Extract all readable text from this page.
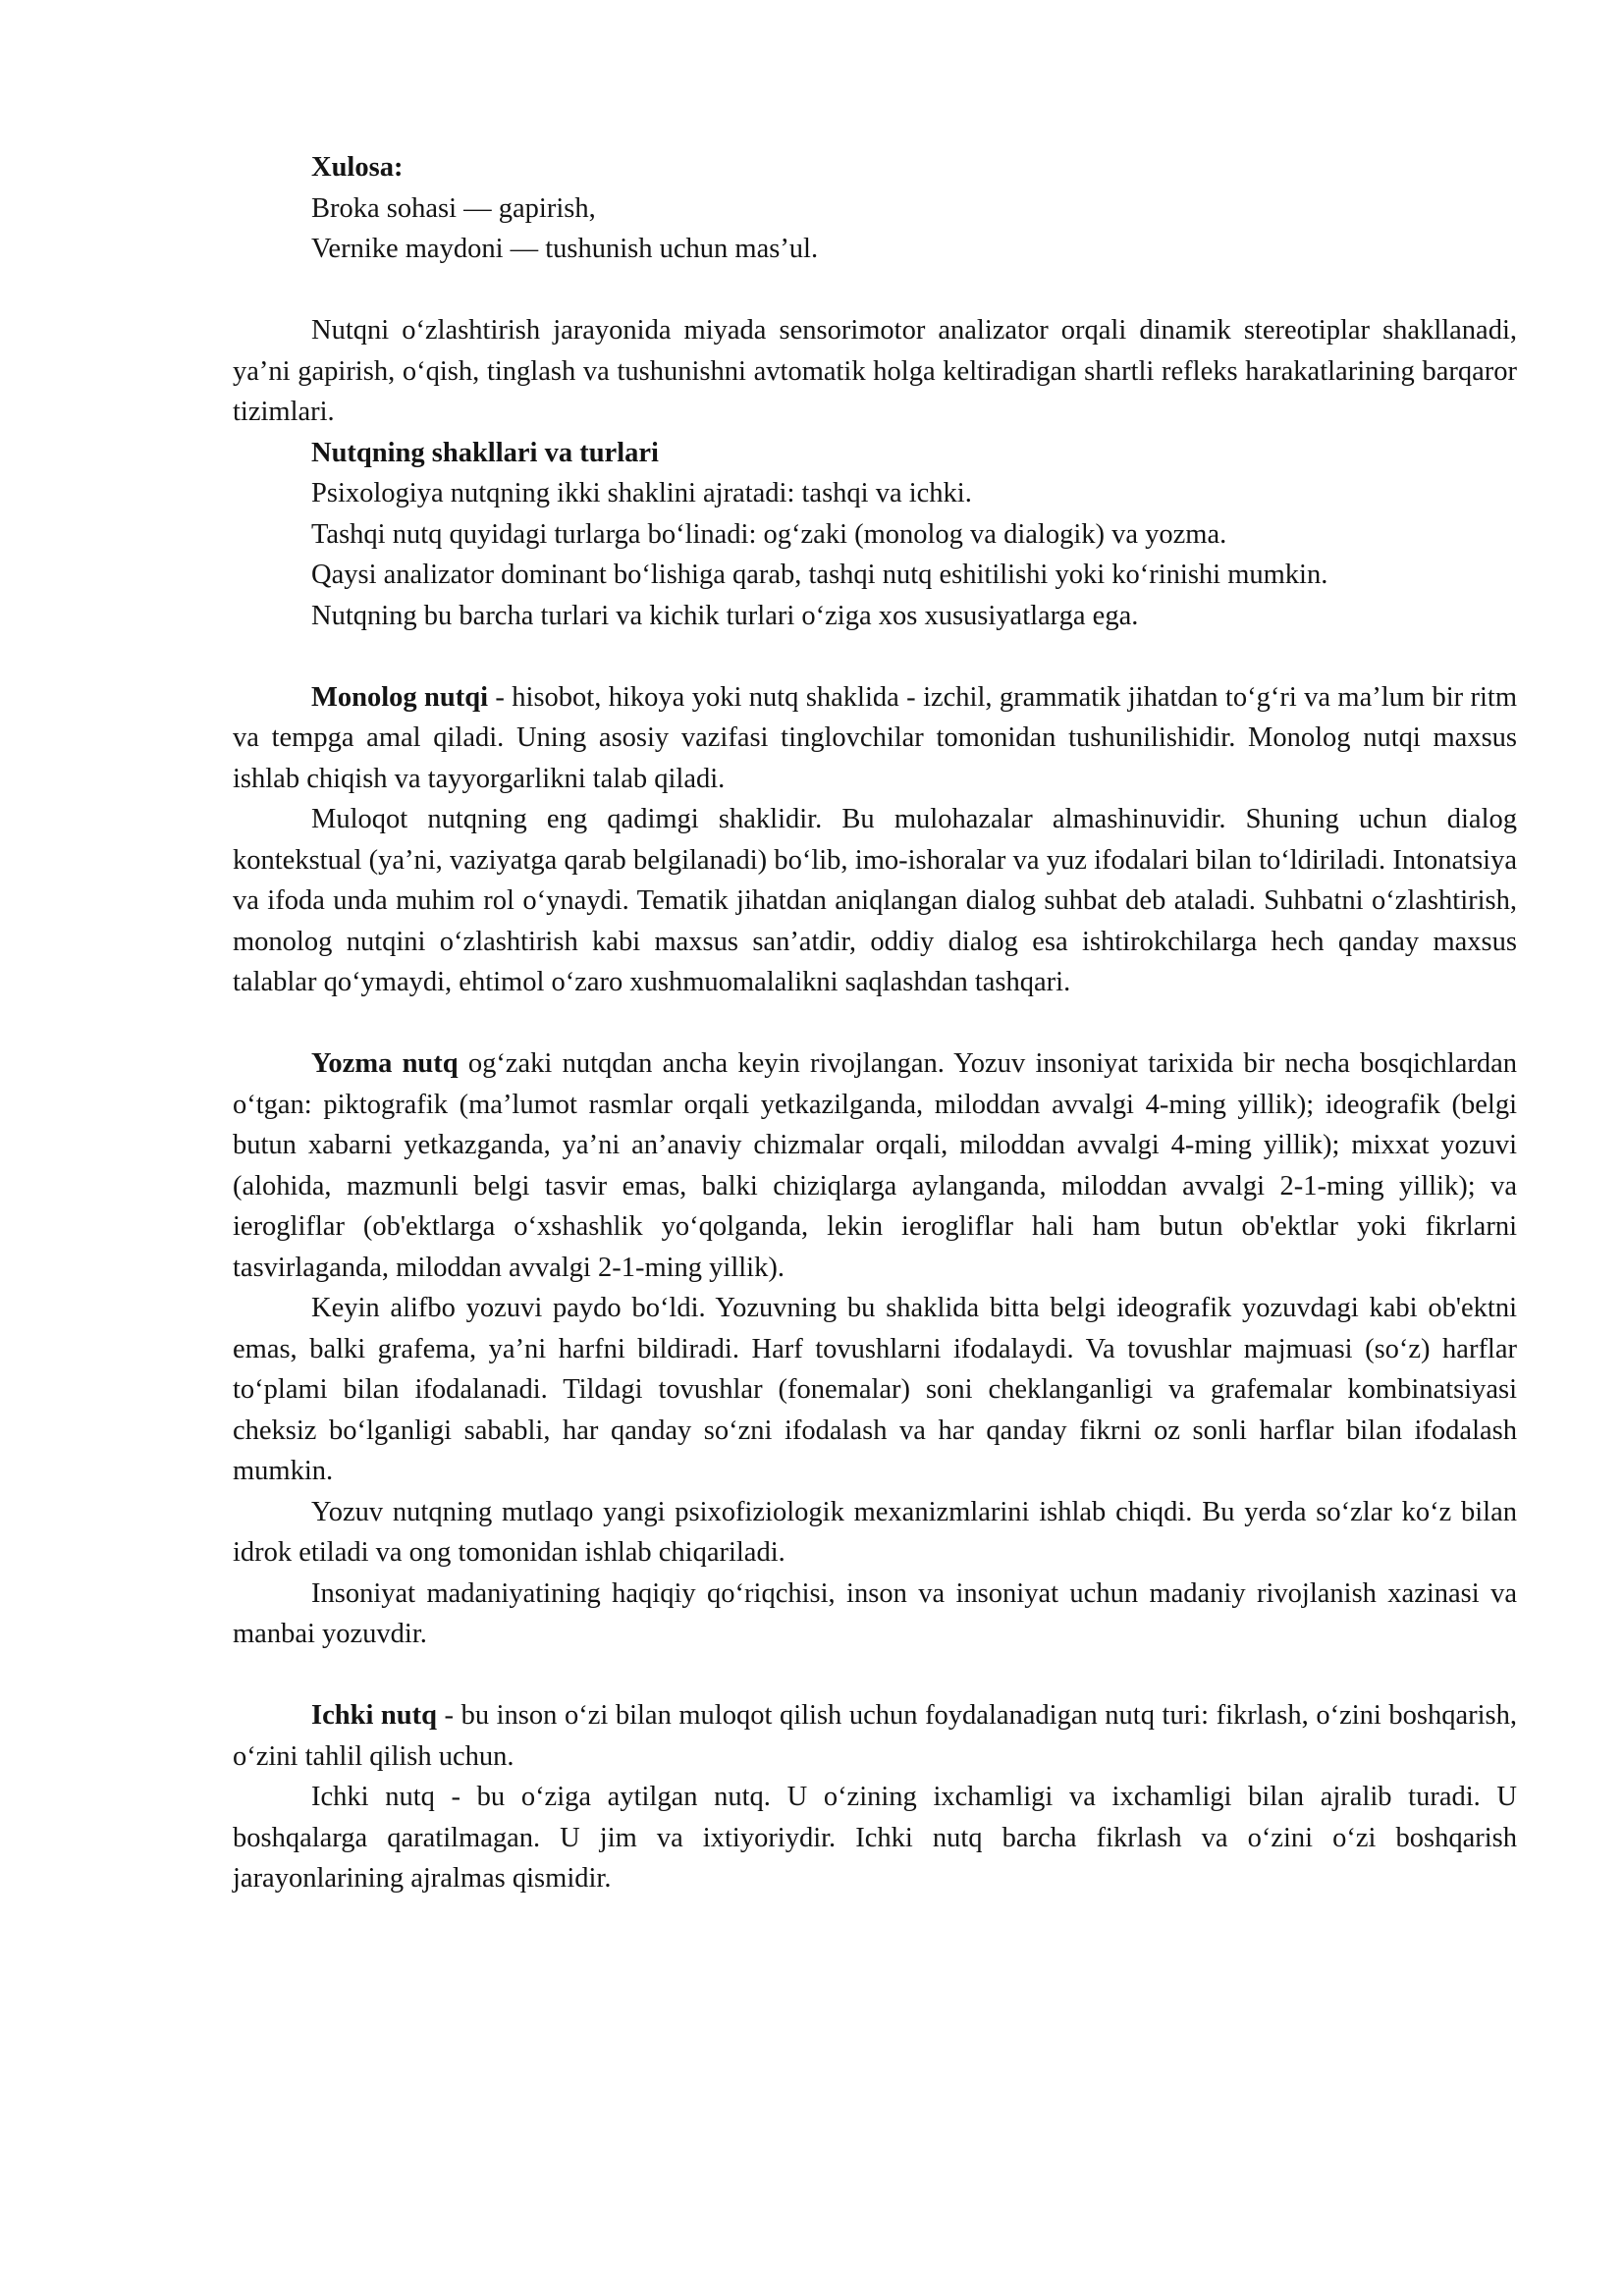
Xulosa:

Broka sohasi — gapirish,

Vernike maydoni — tushunish uchun mas’ul.

Nutqni o‘zlashtirish jarayonida miyada sensorimotor analizator orqali dinamik stereotiplar shakllanadi, ya’ni gapirish, o‘qish, tinglash va tushunishni avtomatik holga keltiradigan shartli refleks harakatlarining barqaror tizimlari.

Nutqning shakllari va turlari

Psixologiya nutqning ikki shaklini ajratadi: tashqi va ichki.

Tashqi nutq quyidagi turlarga bo‘linadi: og‘zaki (monolog va dialogik) va yozma.

Qaysi analizator dominant bo‘lishiga qarab, tashqi nutq eshitilishi yoki ko‘rinishi mumkin.

Nutqning bu barcha turlari va kichik turlari o‘ziga xos xususiyatlarga ega.

Monolog nutqi - hisobot, hikoya yoki nutq shaklida - izchil, grammatik jihatdan to‘g‘ri va ma’lum bir ritm va tempga amal qiladi. Uning asosiy vazifasi tinglovchilar tomonidan tushunilishidir. Monolog nutqi maxsus ishlab chiqish va tayyorgarlikni talab qiladi.

Muloqot nutqning eng qadimgi shaklidir. Bu mulohazalar almashinuvidir. Shuning uchun dialog kontekstual (ya’ni, vaziyatga qarab belgilanadi) bo‘lib, imo-ishoralar va yuz ifodalari bilan to‘ldiriladi. Intonatsiya va ifoda unda muhim rol o‘ynaydi. Tematik jihatdan aniqlangan dialog suhbat deb ataladi. Suhbatni o‘zlashtirish, monolog nutqini o‘zlashtirish kabi maxsus san’atdir, oddiy dialog esa ishtirokchilarga hech qanday maxsus talablar qo‘ymaydi, ehtimol o‘zaro xushmuomalalikni saqlashdan tashqari.

Yozma nutq og‘zaki nutqdan ancha keyin rivojlangan. Yozuv insoniyat tarixida bir necha bosqichlardan o‘tgan: piktografik (ma’lumot rasmlar orqali yetkazilganda, miloddan avvalgi 4-ming yillik); ideografik (belgi butun xabarni yetkazganda, ya’ni an’anaviy chizmalar orqali, miloddan avvalgi 4-ming yillik); mixxat yozuvi (alohida, mazmunli belgi tasvir emas, balki chiziqlarga aylanganda, miloddan avvalgi 2-1-ming yillik); va ierogliflar (ob'ektlarga o‘xshashlik yo‘qolganda, lekin ierogliflar hali ham butun ob'ektlar yoki fikrlarni tasvirlaganda, miloddan avvalgi 2-1-ming yillik).

Keyin alifbo yozuvi paydo bo‘ldi. Yozuvning bu shaklida bitta belgi ideografik yozuvdagi kabi ob'ektni emas, balki grafema, ya’ni harfni bildiradi. Harf tovushlarni ifodalaydi. Va tovushlar majmuasi (so‘z) harflar to‘plami bilan ifodalanadi. Tildagi tovushlar (fonemalar) soni cheklanganligi va grafemalar kombinatsiyasi cheksiz bo‘lganligi sababli, har qanday so‘zni ifodalash va har qanday fikrni oz sonli harflar bilan ifodalash mumkin.

Yozuv nutqning mutlaqo yangi psixofiziologik mexanizmlarini ishlab chiqdi. Bu yerda so‘zlar ko‘z bilan idrok etiladi va ong tomonidan ishlab chiqariladi.

Insoniyat madaniyatining haqiqiy qo‘riqchisi, inson va insoniyat uchun madaniy rivojlanish xazinasi va manbai yozuvdir.

Ichki nutq - bu inson o‘zi bilan muloqot qilish uchun foydalanadigan nutq turi: fikrlash, o‘zini boshqarish, o‘zini tahlil qilish uchun.

Ichki nutq - bu o‘ziga aytilgan nutq. U o‘zining ixchamligi va ixchamligi bilan ajralib turadi. U boshqalarga qaratilmagan. U jim va ixtiyoriydir. Ichki nutq barcha fikrlash va o‘zini o‘zi boshqarish jarayonlarining ajralmas qismidir.
